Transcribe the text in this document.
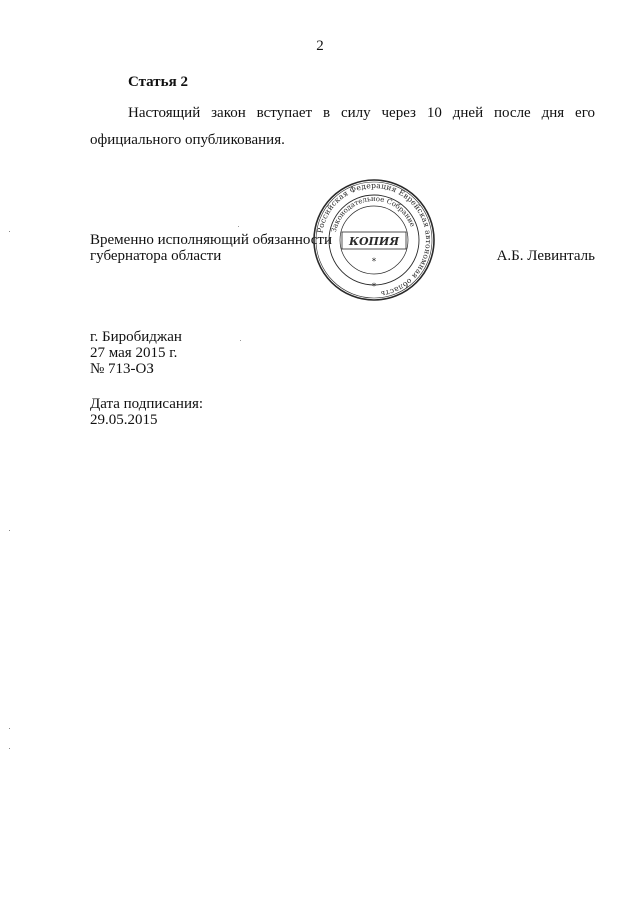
2
Статья 2

Настоящий закон вступает в силу через 10 дней после дня его официального опубликования.

Временно исполняющий обязанности
губернатора области	А.Б. Левинталь
Российская Федерация Еврейская автономная область
Законодательное Собрание
КОПИЯ
*
*
г. Биробиджан
27 мая 2015 г.
№ 713-ОЗ
Дата подписания:
29.05.2015
